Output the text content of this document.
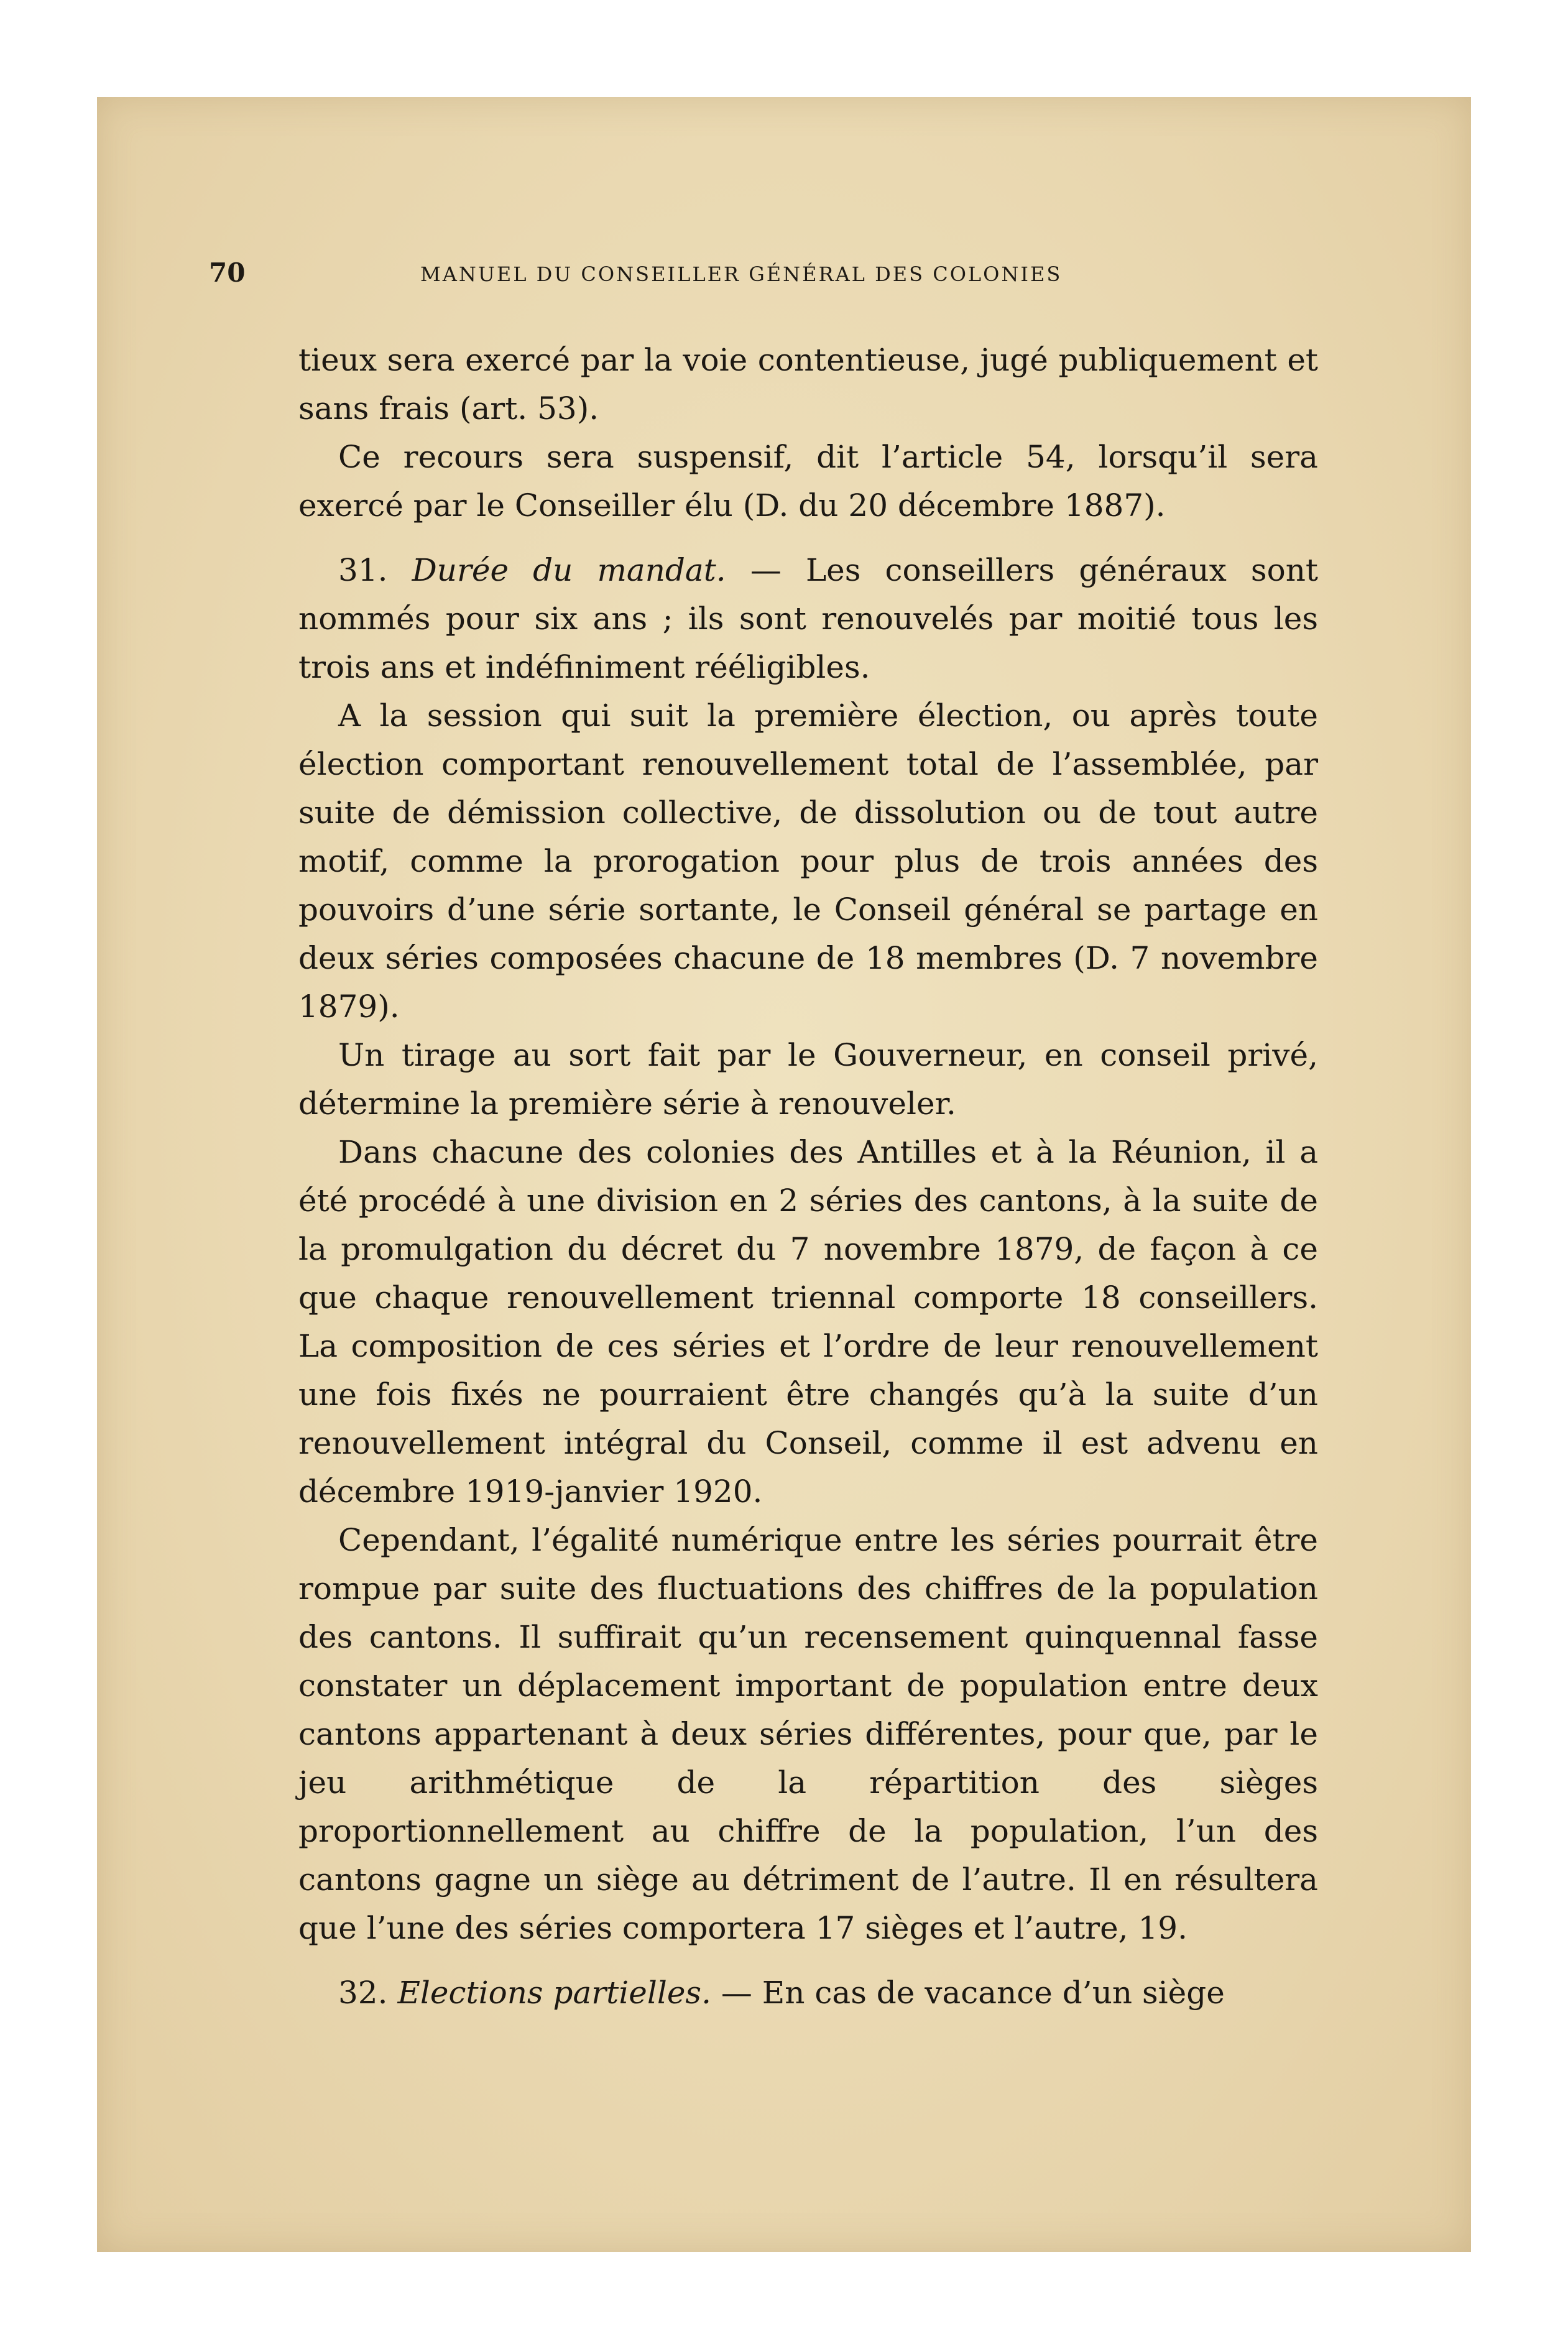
70	MANUEL DU CONSEILLER GÉNÉRAL DES COLONIES

tieux sera exercé par la voie contentieuse, jugé publiquement et sans frais (art. 53).

Ce recours sera suspensif, dit l’article 54, lorsqu’il sera exercé par le Conseiller élu (D. du 20 décembre 1887).

31. Durée du mandat. — Les conseillers généraux sont nommés pour six ans ; ils sont renouvelés par moitié tous les trois ans et indéfiniment rééligibles.

A la session qui suit la première élection, ou après toute élection comportant renouvellement total de l’assemblée, par suite de démission collective, de dissolution ou de tout autre motif, comme la prorogation pour plus de trois années des pouvoirs d’une série sortante, le Conseil général se partage en deux séries composées chacune de 18 membres (D. 7 novembre 1879).

Un tirage au sort fait par le Gouverneur, en conseil privé, détermine la première série à renouveler.

Dans chacune des colonies des Antilles et à la Réunion, il a été procédé à une division en 2 séries des cantons, à la suite de la promulgation du décret du 7 novembre 1879, de façon à ce que chaque renouvellement triennal comporte 18 conseillers. La composition de ces séries et l’ordre de leur renouvellement une fois fixés ne pourraient être changés qu’à la suite d’un renouvellement intégral du Conseil, comme il est advenu en décembre 1919-janvier 1920.

Cependant, l’égalité numérique entre les séries pourrait être rompue par suite des fluctuations des chiffres de la population des cantons. Il suffirait qu’un recensement quinquennal fasse constater un déplacement important de population entre deux cantons appartenant à deux séries différentes, pour que, par le jeu arithmétique de la répartition des sièges proportionnellement au chiffre de la population, l’un des cantons gagne un siège au détriment de l’autre. Il en résultera que l’une des séries comportera 17 sièges et l’autre, 19.

32. Elections partielles. — En cas de vacance d’un siège
